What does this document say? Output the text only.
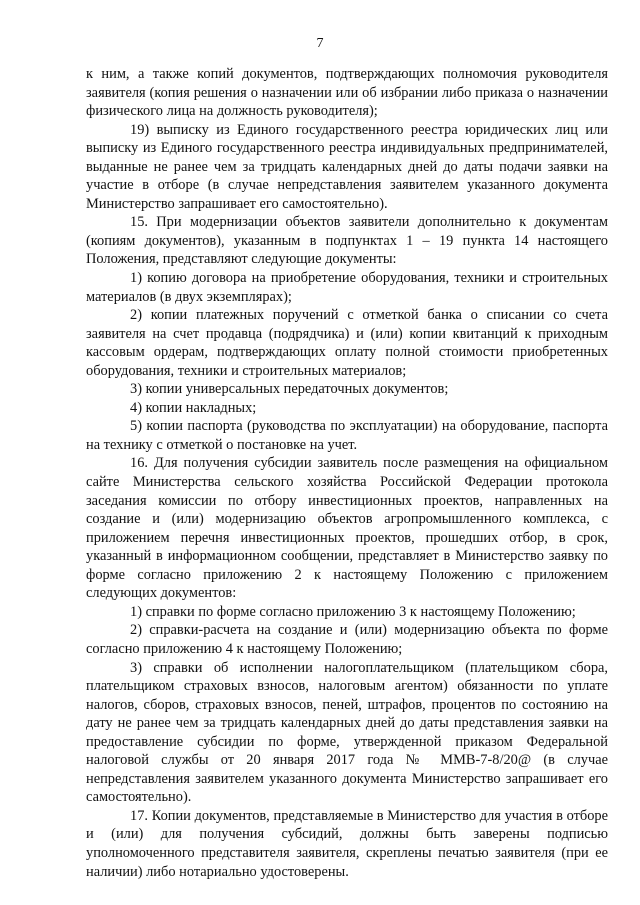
7

к ним, а также копий документов, подтверждающих полномочия руководителя заявителя (копия решения о назначении или об избрании либо приказа о назначении физического лица на должность руководителя);

19) выписку из Единого государственного реестра юридических лиц или выписку из Единого государственного реестра индивидуальных предпринимателей, выданные не ранее чем за тридцать календарных дней до даты подачи заявки на участие в отборе (в случае непредставления заявителем указанного документа Министерство запрашивает его самостоятельно).

15. При модернизации объектов заявители дополнительно к документам (копиям документов), указанным в подпунктах 1 – 19 пункта 14 настоящего Положения, представляют следующие документы:

1) копию договора на приобретение оборудования, техники и строительных материалов (в двух экземплярах);

2) копии платежных поручений с отметкой банка о списании со счета заявителя на счет продавца (подрядчика) и (или) копии квитанций к приходным кассовым ордерам, подтверждающих оплату полной стоимости приобретенных оборудования, техники и строительных материалов;

3) копии универсальных передаточных документов;

4) копии накладных;

5) копии паспорта (руководства по эксплуатации) на оборудование, паспорта на технику с отметкой о постановке на учет.

16. Для получения субсидии заявитель после размещения на официальном сайте Министерства сельского хозяйства Российской Федерации протокола заседания комиссии по отбору инвестиционных проектов, направленных на создание и (или) модернизацию объектов агропромышленного комплекса, с приложением перечня инвестиционных проектов, прошедших отбор, в срок, указанный в информационном сообщении, представляет в Министерство заявку по форме согласно приложению 2 к настоящему Положению с приложением следующих документов:

1) справки по форме согласно приложению 3 к настоящему Положению;

2) справки-расчета на создание и (или) модернизацию объекта по форме согласно приложению 4 к настоящему Положению;

3) справки об исполнении налогоплательщиком (плательщиком сбора, плательщиком страховых взносов, налоговым агентом) обязанности по уплате налогов, сборов, страховых взносов, пеней, штрафов, процентов по состоянию на дату не ранее чем за тридцать календарных дней до даты представления заявки на предоставление субсидии по форме, утвержденной приказом Федеральной налоговой службы от 20 января 2017 года № ММВ-7-8/20@ (в случае непредставления заявителем указанного документа Министерство запрашивает его самостоятельно).

17. Копии документов, представляемые в Министерство для участия в отборе и (или) для получения субсидий, должны быть заверены подписью уполномоченного представителя заявителя, скреплены печатью заявителя (при ее наличии) либо нотариально удостоверены.
